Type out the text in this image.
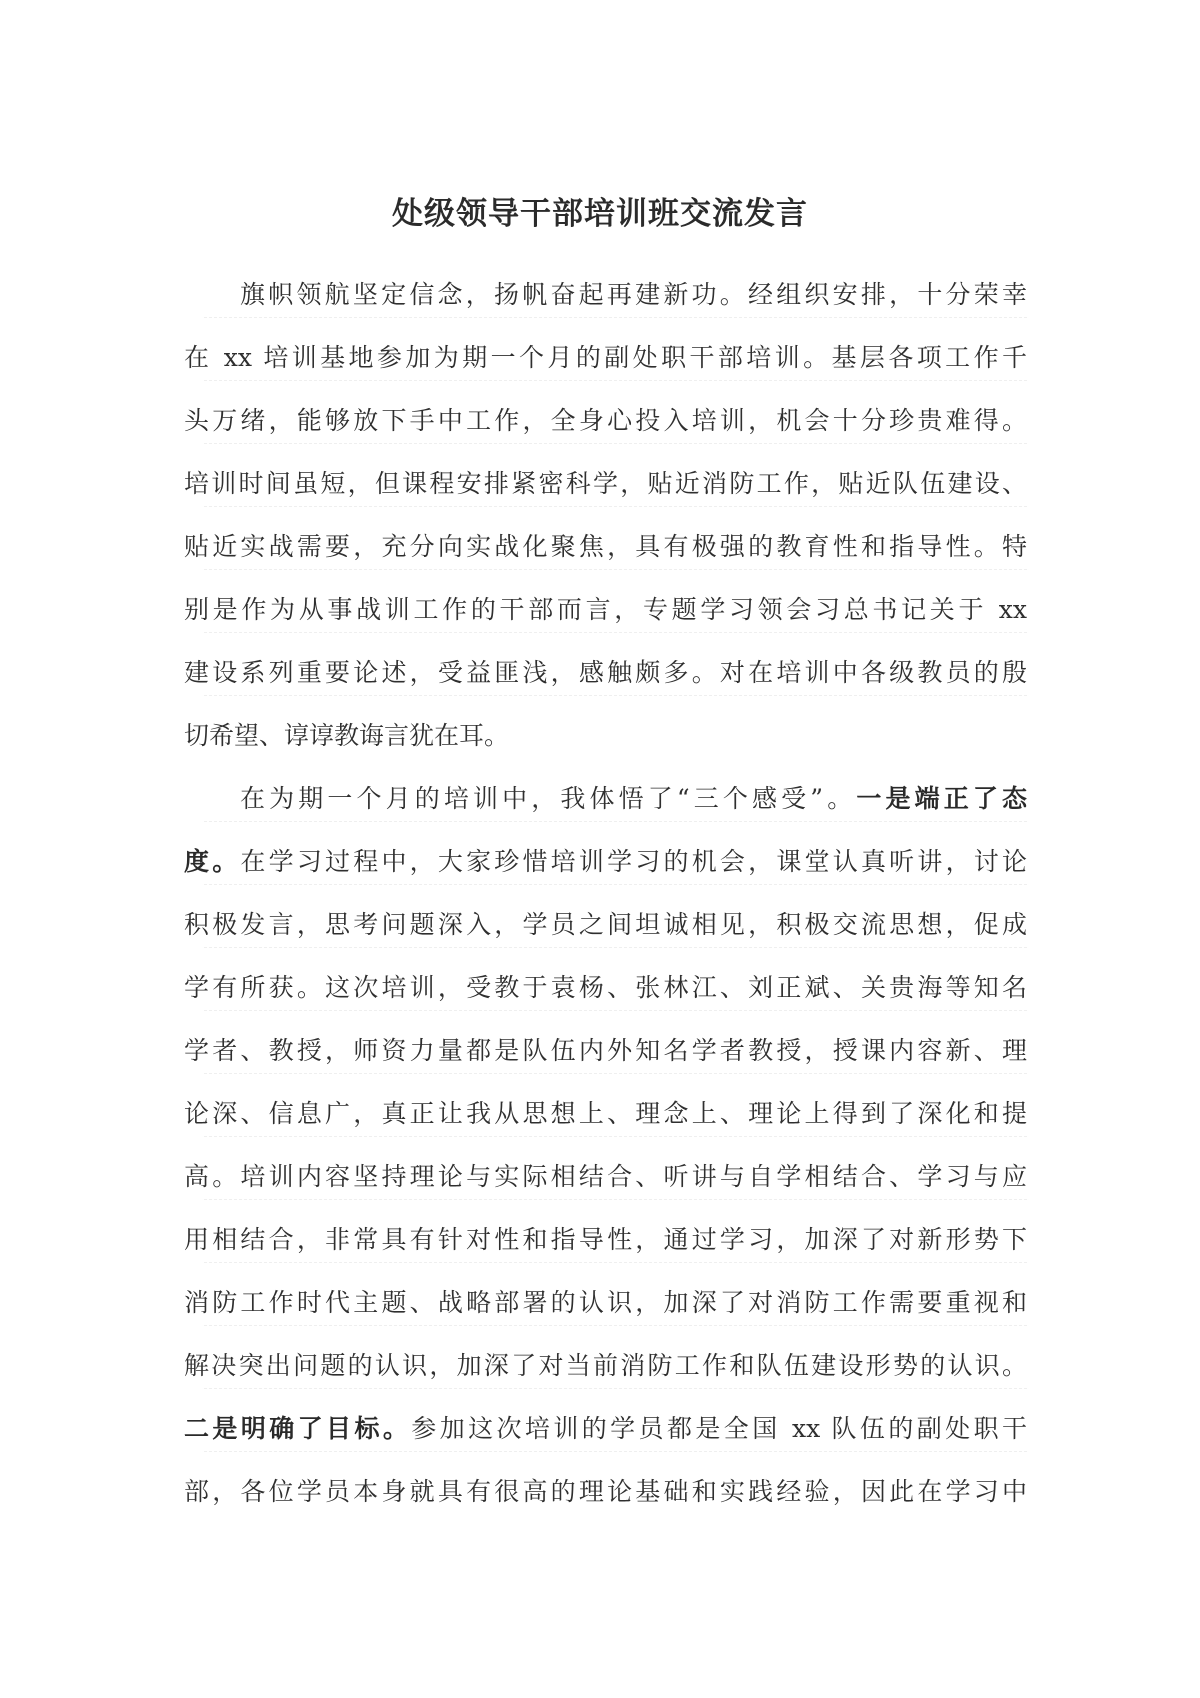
处级领导干部培训班交流发言
旗帜领航坚定信念，扬帆奋起再建新功。经组织安排，十分荣幸
在 xx 培训基地参加为期一个月的副处职干部培训。基层各项工作千
头万绪，能够放下手中工作，全身心投入培训，机会十分珍贵难得。
培训时间虽短，但课程安排紧密科学，贴近消防工作，贴近队伍建设、
贴近实战需要，充分向实战化聚焦，具有极强的教育性和指导性。特
别是作为从事战训工作的干部而言，专题学习领会习总书记关于 xx
建设系列重要论述，受益匪浅，感触颇多。对在培训中各级教员的殷
切希望、谆谆教诲言犹在耳。
在为期一个月的培训中，我体悟了“三个感受”。一是端正了态
度。在学习过程中，大家珍惜培训学习的机会，课堂认真听讲，讨论
积极发言，思考问题深入，学员之间坦诚相见，积极交流思想，促成
学有所获。这次培训，受教于袁杨、张林江、刘正斌、关贵海等知名
学者、教授，师资力量都是队伍内外知名学者教授，授课内容新、理
论深、信息广，真正让我从思想上、理念上、理论上得到了深化和提
高。培训内容坚持理论与实际相结合、听讲与自学相结合、学习与应
用相结合，非常具有针对性和指导性，通过学习，加深了对新形势下
消防工作时代主题、战略部署的认识，加深了对消防工作需要重视和
解决突出问题的认识，加深了对当前消防工作和队伍建设形势的认识。
二是明确了目标。参加这次培训的学员都是全国 xx 队伍的副处职干
部，各位学员本身就具有很高的理论基础和实践经验，因此在学习中
